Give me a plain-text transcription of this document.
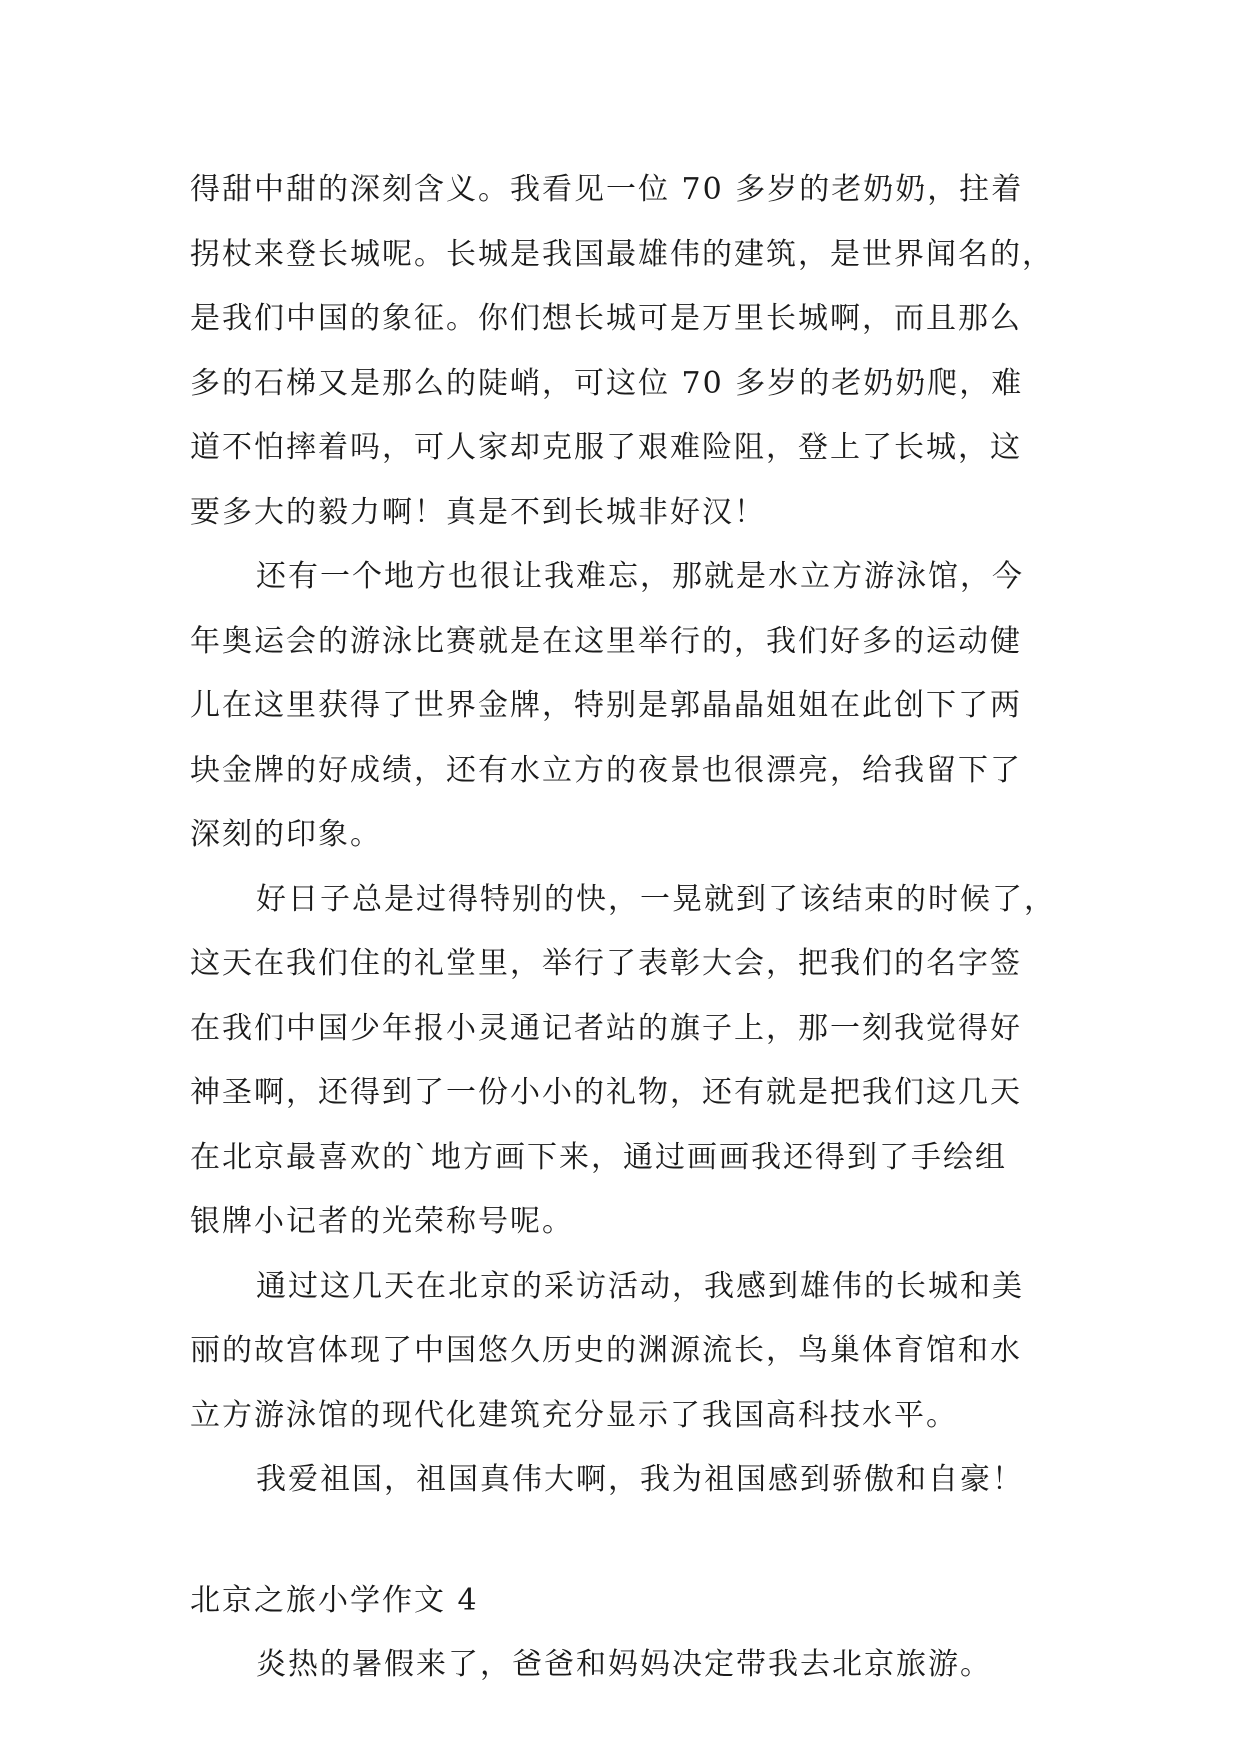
得甜中甜的深刻含义。我看见一位 70 多岁的老奶奶，拄着
拐杖来登长城呢。长城是我国最雄伟的建筑，是世界闻名的，
是我们中国的象征。你们想长城可是万里长城啊，而且那么
多的石梯又是那么的陡峭，可这位 70 多岁的老奶奶爬，难
道不怕摔着吗，可人家却克服了艰难险阻，登上了长城，这
要多大的毅力啊！真是不到长城非好汉！
还有一个地方也很让我难忘，那就是水立方游泳馆，今
年奥运会的游泳比赛就是在这里举行的，我们好多的运动健
儿在这里获得了世界金牌，特别是郭晶晶姐姐在此创下了两
块金牌的好成绩，还有水立方的夜景也很漂亮，给我留下了
深刻的印象。
好日子总是过得特别的快，一晃就到了该结束的时候了，
这天在我们住的礼堂里，举行了表彰大会，把我们的名字签
在我们中国少年报小灵通记者站的旗子上，那一刻我觉得好
神圣啊，还得到了一份小小的礼物，还有就是把我们这几天
在北京最喜欢的`地方画下来，通过画画我还得到了手绘组
银牌小记者的光荣称号呢。
通过这几天在北京的采访活动，我感到雄伟的长城和美
丽的故宫体现了中国悠久历史的渊源流长，鸟巢体育馆和水
立方游泳馆的现代化建筑充分显示了我国高科技水平。
我爱祖国，祖国真伟大啊，我为祖国感到骄傲和自豪！
北京之旅小学作文 4
炎热的暑假来了，爸爸和妈妈决定带我去北京旅游。
